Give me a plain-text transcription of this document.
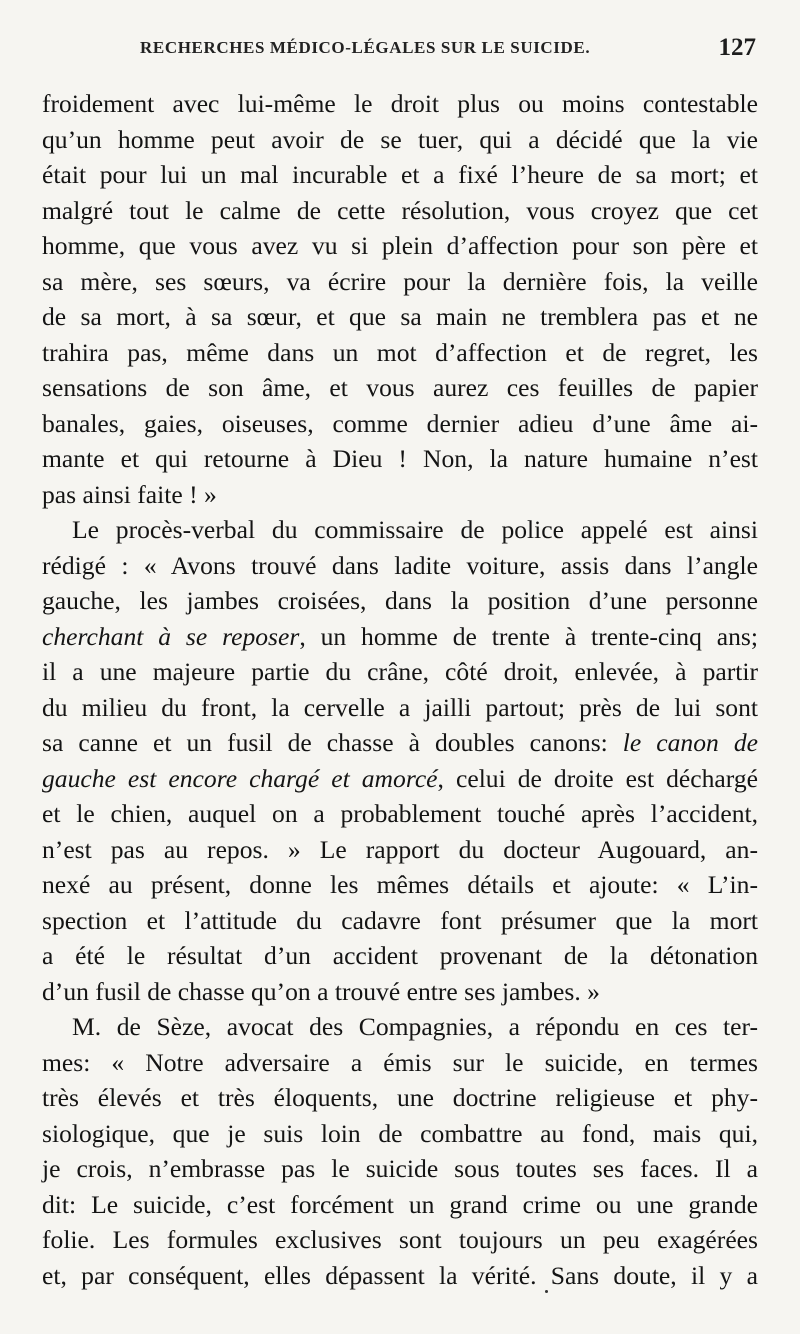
RECHERCHES MÉDICO-LÉGALES SUR LE SUICIDE.	127
froidement avec lui-même le droit plus ou moins contestable
qu’un homme peut avoir de se tuer, qui a décidé que la vie
était pour lui un mal incurable et a fixé l’heure de sa mort; et
malgré tout le calme de cette résolution, vous croyez que cet
homme, que vous avez vu si plein d’affection pour son père et
sa mère, ses sœurs, va écrire pour la dernière fois, la veille
de sa mort, à sa sœur, et que sa main ne tremblera pas et ne
trahira pas, même dans un mot d’affection et de regret, les
sensations de son âme, et vous aurez ces feuilles de papier
banales, gaies, oiseuses, comme dernier adieu d’une âme ai-
mante et qui retourne à Dieu ! Non, la nature humaine n’est
pas ainsi faite ! »
Le procès-verbal du commissaire de police appelé est ainsi
rédigé : « Avons trouvé dans ladite voiture, assis dans l’angle
gauche, les jambes croisées, dans la position d’une personne
cherchant à se reposer, un homme de trente à trente-cinq ans;
il a une majeure partie du crâne, côté droit, enlevée, à partir
du milieu du front, la cervelle a jailli partout; près de lui sont
sa canne et un fusil de chasse à doubles canons: le canon de
gauche est encore chargé et amorcé, celui de droite est déchargé
et le chien, auquel on a probablement touché après l’accident,
n’est pas au repos. » Le rapport du docteur Augouard, an-
nexé au présent, donne les mêmes détails et ajoute: « L’in-
spection et l’attitude du cadavre font présumer que la mort
a été le résultat d’un accident provenant de la détonation
d’un fusil de chasse qu’on a trouvé entre ses jambes. »
M. de Sèze, avocat des Compagnies, a répondu en ces ter-
mes: « Notre adversaire a émis sur le suicide, en termes
très élevés et très éloquents, une doctrine religieuse et phy-
siologique, que je suis loin de combattre au fond, mais qui,
je crois, n’embrasse pas le suicide sous toutes ses faces. Il a
dit: Le suicide, c’est forcément un grand crime ou une grande
folie. Les formules exclusives sont toujours un peu exagérées
et, par conséquent, elles dépassent la vérité. Sans doute, il y a
